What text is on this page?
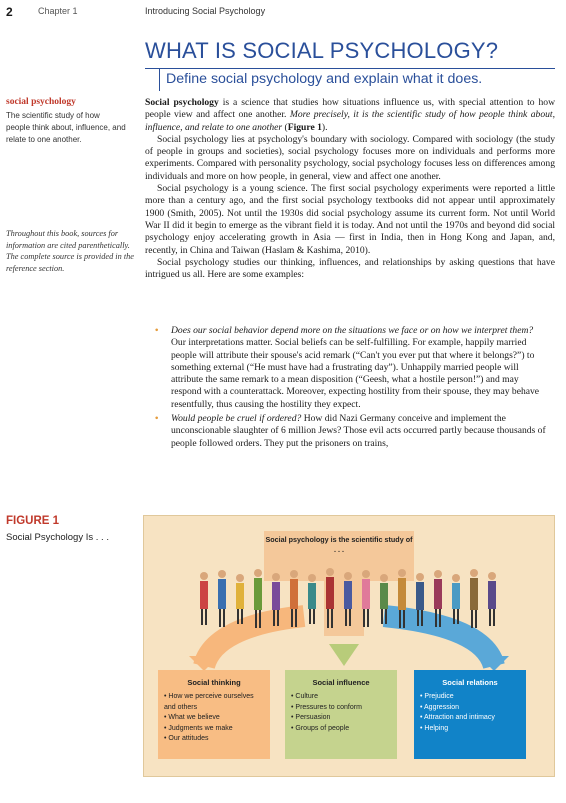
2	Chapter 1	Introducing Social Psychology
WHAT IS SOCIAL PSYCHOLOGY?
Define social psychology and explain what it does.
social psychology
The scientific study of how people think about, influence, and relate to one another.
Throughout this book, sources for information are cited parenthetically. The complete source is provided in the reference section.

Social psychology is a science that studies how situations influence us, with special attention to how people view and affect one another. More precisely, it is the scientific study of how people think about, influence, and relate to one another (Figure 1).

Social psychology lies at psychology's boundary with sociology. Compared with sociology (the study of people in groups and societies), social psychology focuses more on individuals and performs more experiments. Compared with personality psychology, social psychology focuses less on differences among individuals and more on how people, in general, view and affect one another.

Social psychology is a young science. The first social psychology experiments were reported a little more than a century ago, and the first social psychology textbooks did not appear until approximately 1900 (Smith, 2005). Not until the 1930s did social psychology assume its current form. Not until World War II did it begin to emerge as the vibrant field it is today. And not until the 1970s and beyond did social psychology enjoy accelerating growth in Asia — first in India, then in Hong Kong and Japan, and, recently, in China and Taiwan (Haslam & Kashima, 2010).

Social psychology studies our thinking, influences, and relationships by asking questions that have intrigued us all. Here are some examples:

• Does our social behavior depend more on the situations we face or on how we interpret them? Our interpretations matter. Social beliefs can be self-fulfilling. For example, happily married people will attribute their spouse's acid remark (“Can't you ever put that where it belongs?”) to something external (“He must have had a frustrating day”). Unhappily married people will attribute the same remark to a mean disposition (“Geesh, what a hostile person!”) and may respond with a counterattack. Moreover, expecting hostility from their spouse, they may behave resentfully, thus causing the hostility they expect.
• Would people be cruel if ordered? How did Nazi Germany conceive and implement the unconscionable slaughter of 6 million Jews? Those evil acts occurred partly because thousands of people followed orders. They put the prisoners on trains,
FIGURE 1
Social Psychology Is . . .	Social psychology is the scientific study of . . .
Social thinking
• How we perceive ourselves and others
• What we believe
• Judgments we make
• Our attitudes
Social influence
• Culture
• Pressures to conform
• Persuasion
• Groups of people
Social relations
• Prejudice
• Aggression
• Attraction and intimacy
• Helping
